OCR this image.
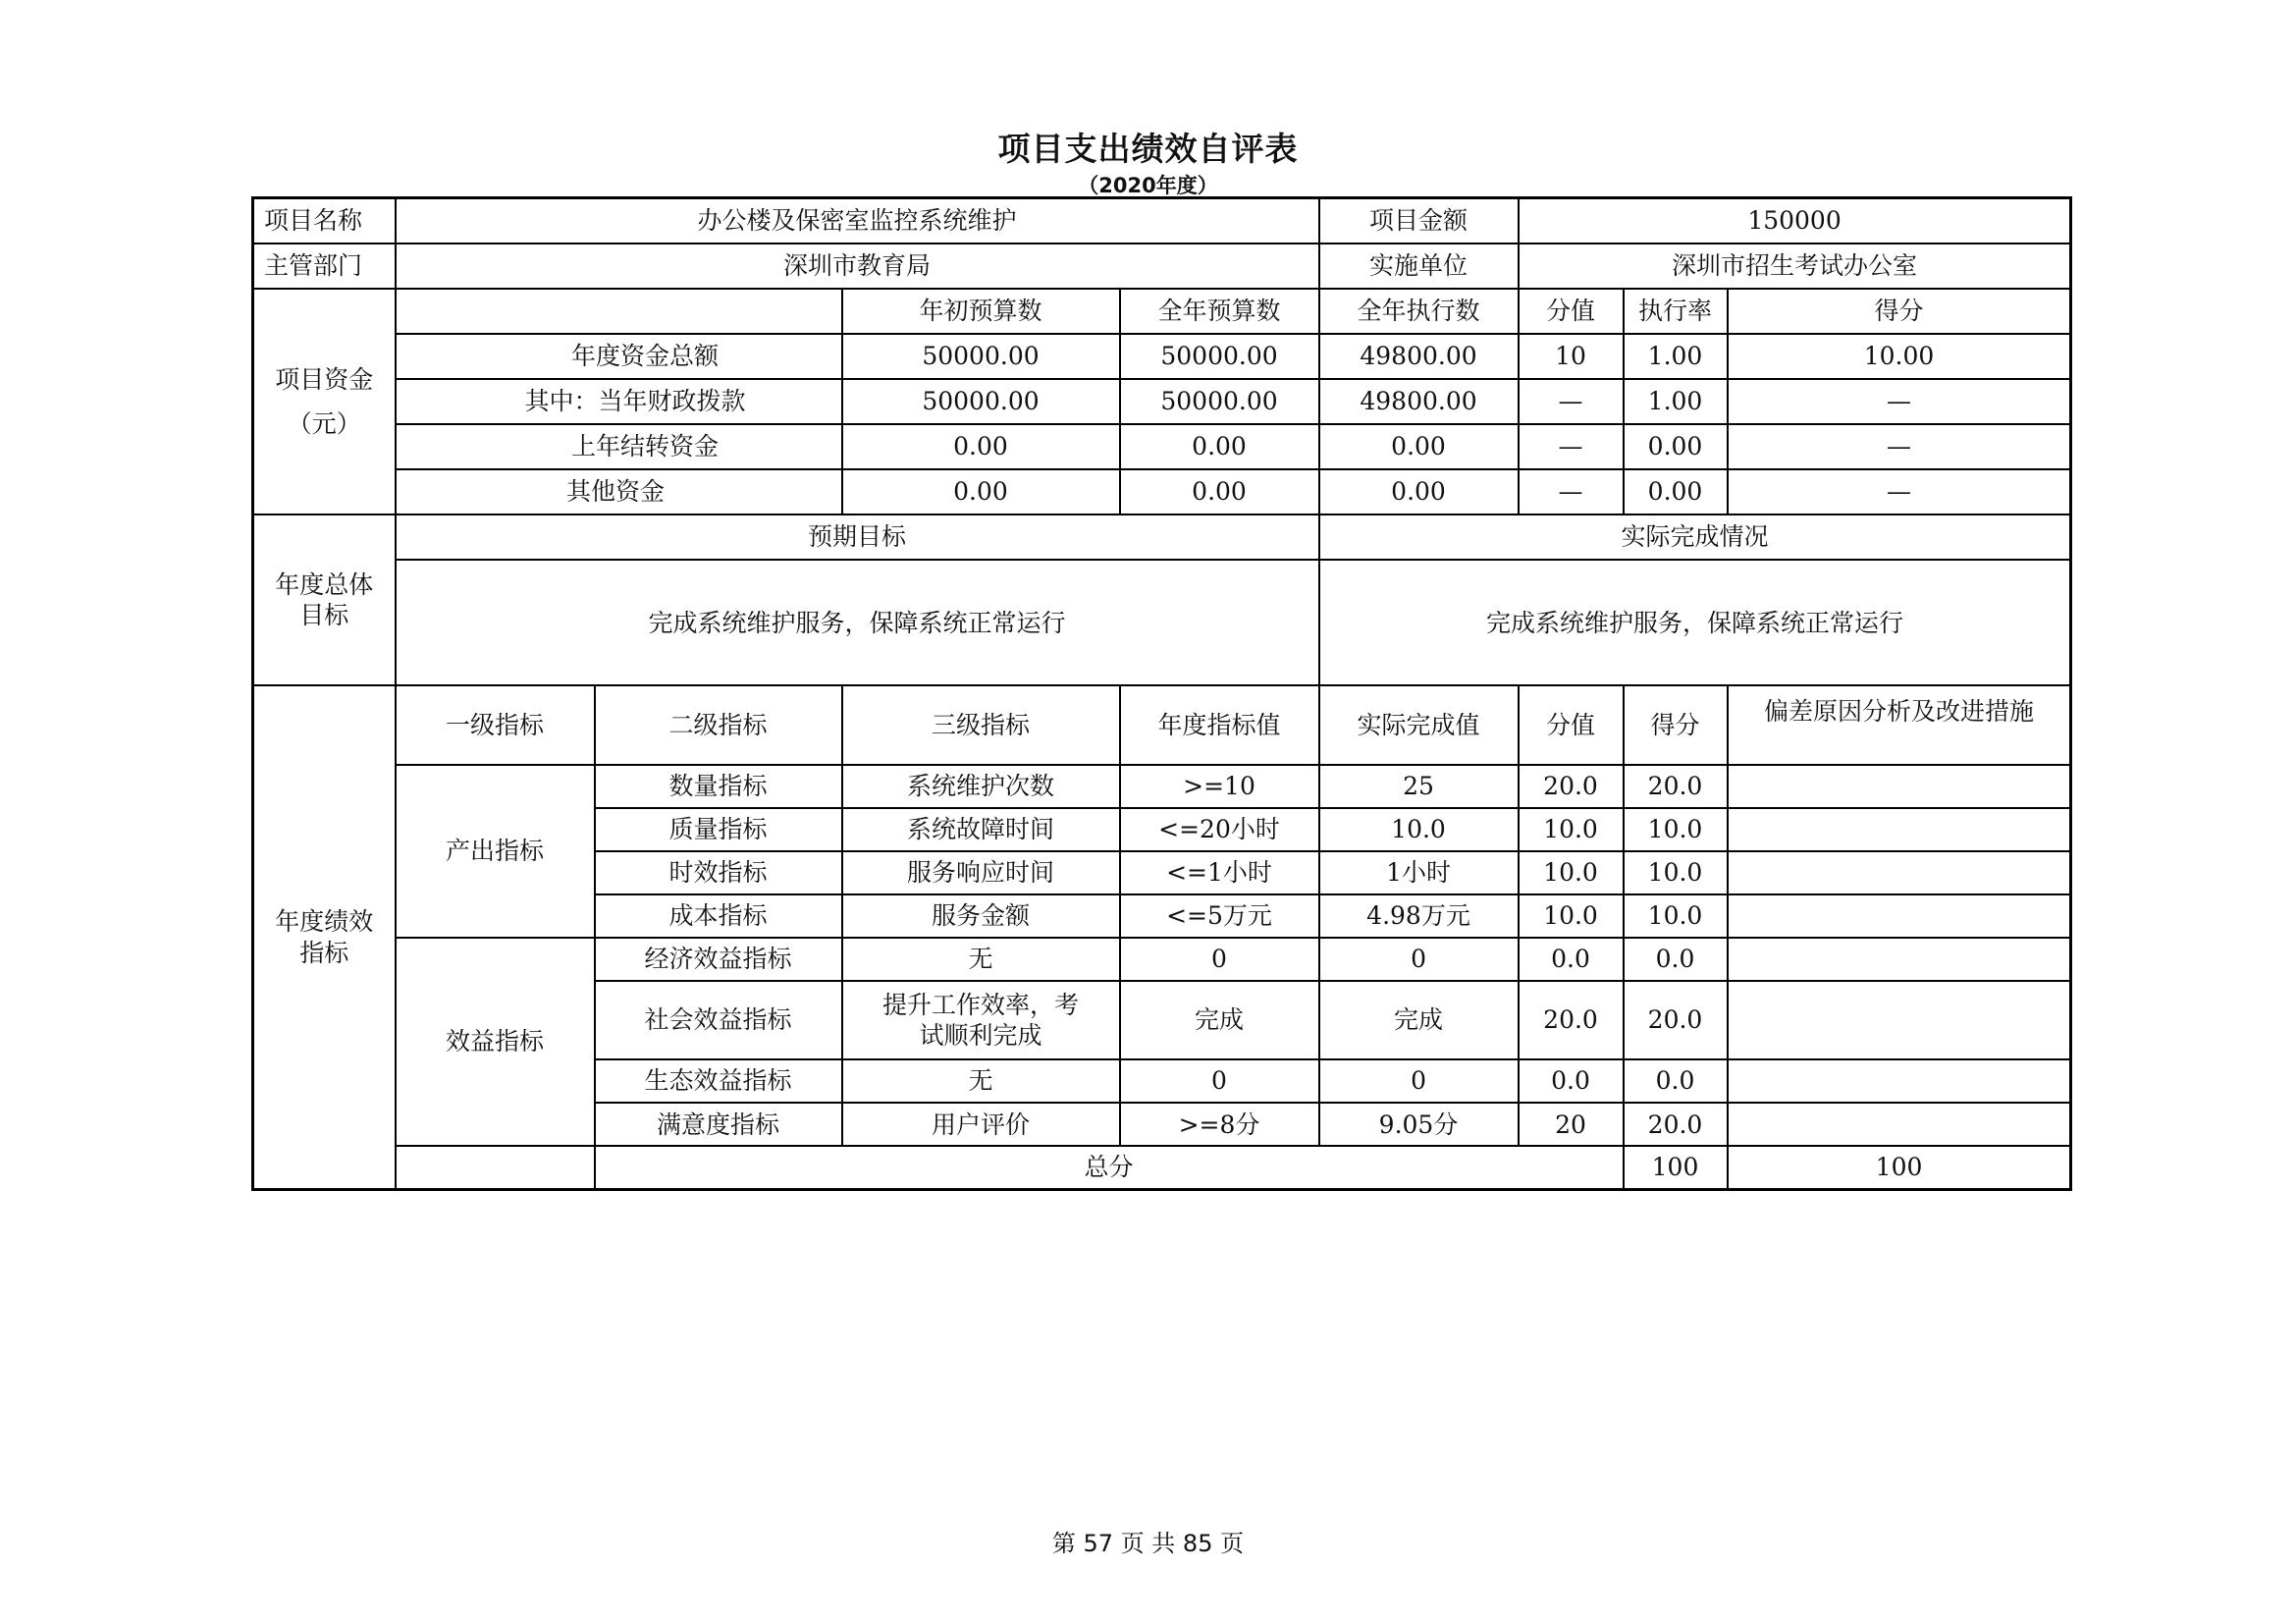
项目支出绩效自评表
（2020年度）
项目名称	办公楼及保密室监控系统维护				项目金额	150000			
主管部门	深圳市教育局				实施单位	深圳市招生考试办公室			

项目资金
（元）			年初预算数	全年预算数	全年执行数	分值	执行率	得分	
	年度资金总额		50000.00	50000.00	49800.00	10	1.00	10.00	
	其中：当年财政拨款		50000.00	50000.00	49800.00	—	1.00	—	
	上年结转资金		0.00	0.00	0.00	—	0.00	—	
	其他资金		0.00	0.00	0.00	—	0.00	—	

年度总体
目标	预期目标				实际完成情况				
	完成系统维护服务，保障系统正常运行				完成系统维护服务，保障系统正常运行				

年度绩效
指标	一级指标	二级指标	三级指标	年度指标值	实际完成值	分值	得分	偏差原因分析及改进措施	
	产出指标	数量指标	系统维护次数	>=10	25	20.0	20.0		
		质量指标	系统故障时间	<=20小时	10.0	10.0	10.0		
		时效指标	服务响应时间	<=1小时	1小时	10.0	10.0		
		成本指标	服务金额	<=5万元	4.98万元	10.0	10.0		
	效益指标	经济效益指标	无	0	0	0.0	0.0		
		社会效益指标	提升工作效率，考试顺利完成	完成	完成	20.0	20.0		
		生态效益指标	无	0	0	0.0	0.0		
		满意度指标	用户评价	>=8分	9.05分	20	20.0		
		总分					100	100	
第 57 页 共 85 页
